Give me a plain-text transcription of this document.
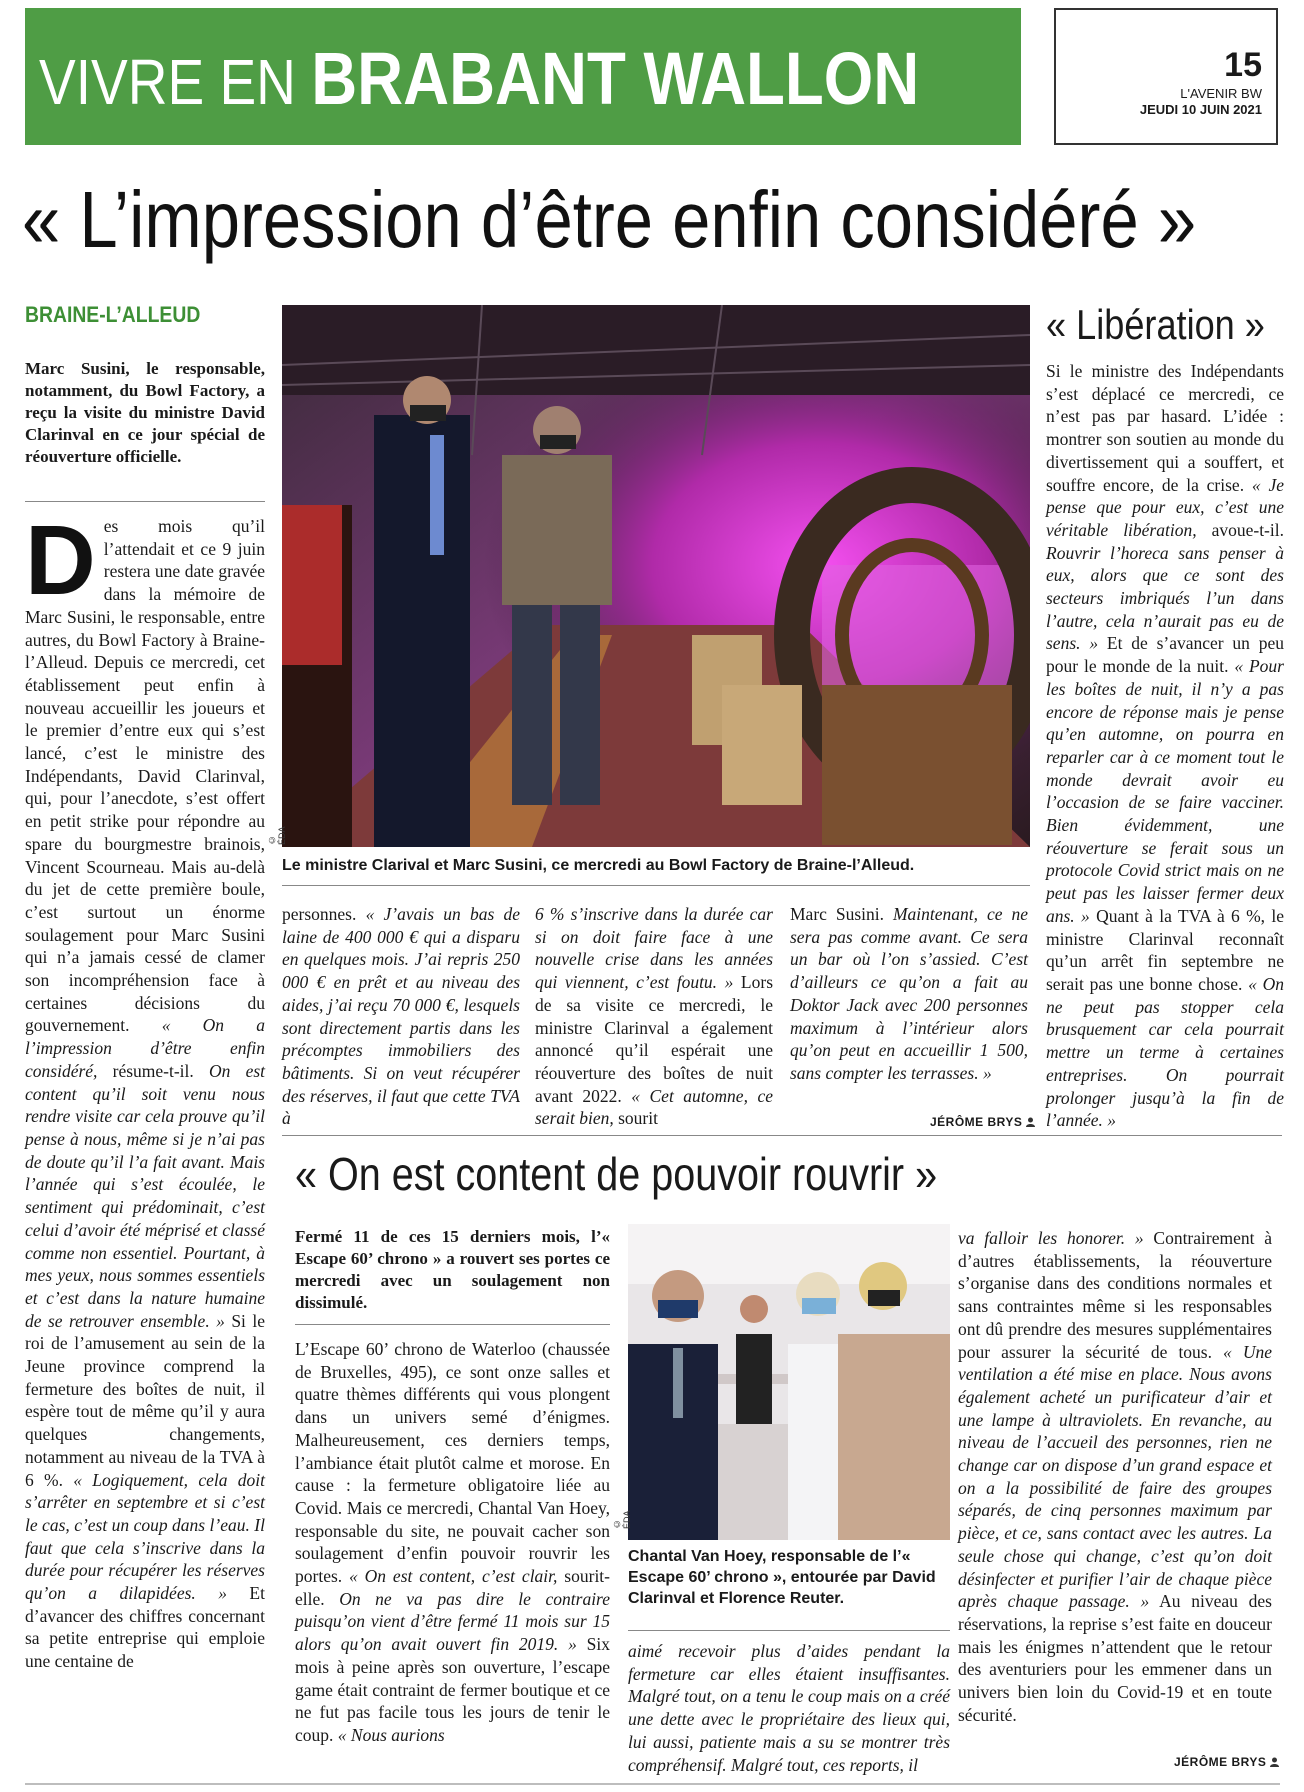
VIVRE EN BRABANT WALLON	15
L'AVENIR BW
JEUDI 10 JUIN 2021
« L’impression d’être enfin considéré »
BRAINE-L’ALLEUD
Marc Susini, le responsable, notamment, du Bowl Factory, a reçu la visite du ministre David Clarinval en ce jour spécial de réouverture officielle.
Des mois qu’il l’attendait et ce 9 juin restera une date gravée dans la mémoire de Marc Susini, le responsable, entre autres, du Bowl Factory à Braine-l’Alleud. Depuis ce mercredi, cet établissement peut enfin à nouveau accueillir les joueurs et le premier d’entre eux qui s’est lancé, c’est le ministre des Indépendants, David Clarinval, qui, pour l’anecdote, s’est offert en petit strike pour répondre au spare du bourgmestre brainois, Vincent Scourneau. Mais au-delà du jet de cette première boule, c’est surtout un énorme soulagement pour Marc Susini qui n’a jamais cessé de clamer son incompréhension face à certaines décisions du gouvernement. « On a l’impression d’être enfin considéré, résume-t-il. On est content qu’il soit venu nous rendre visite car cela prouve qu’il pense à nous, même si je n’ai pas de doute qu’il l’a fait avant. Mais l’année qui s’est écoulée, le sentiment qui prédominait, c’est celui d’avoir été méprisé et classé comme non essentiel. Pourtant, à mes yeux, nous sommes essentiels et c’est dans la nature humaine de se retrouver ensemble. » Si le roi de l’amusement au sein de la Jeune province comprend la fermeture des boîtes de nuit, il espère tout de même qu’il y aura quelques changements, notamment au niveau de la TVA à 6 %. « Logiquement, cela doit s’arrêter en septembre et si c’est le cas, c’est un coup dans l’eau. Il faut que cela s’inscrive dans la durée pour récupérer les réserves qu’on a dilapidées. » Et d’avancer des chiffres concernant sa petite entreprise qui emploie une centaine de
© ÉDA
Le ministre Clarival et Marc Susini, ce mercredi au Bowl Factory de Braine-l’Alleud.
personnes. « J’avais un bas de laine de 400 000 € qui a disparu en quelques mois. J’ai repris 250 000 € en prêt et au niveau des aides, j’ai reçu 70 000 €, lesquels sont directement partis dans les précomptes immobiliers des bâtiments. Si on veut récupérer des réserves, il faut que cette TVA à
6 % s’inscrive dans la durée car si on doit faire face à une nouvelle crise dans les années qui viennent, c’est foutu. » Lors de sa visite ce mercredi, le ministre Clarinval a également annoncé qu’il espérait une réouverture des boîtes de nuit avant 2022. « Cet automne, ce serait bien, sourit
Marc Susini. Maintenant, ce ne sera pas comme avant. Ce sera un bar où l’on s’assied. C’est d’ailleurs ce qu’on a fait au Doktor Jack avec 200 personnes maximum à l’intérieur alors qu’on peut en accueillir 1 500, sans compter les terrasses. »
JÉRÔME BRYS
« Libération »
Si le ministre des Indépendants s’est déplacé ce mercredi, ce n’est pas par hasard. L’idée : montrer son soutien au monde du divertissement qui a souffert, et souffre encore, de la crise. « Je pense que pour eux, c’est une véritable libération, avoue-t-il. Rouvrir l’horeca sans penser à eux, alors que ce sont des secteurs imbriqués l’un dans l’autre, cela n’aurait pas eu de sens. » Et de s’avancer un peu pour le monde de la nuit. « Pour les boîtes de nuit, il n’y a pas encore de réponse mais je pense qu’en automne, on pourra en reparler car à ce moment tout le monde devrait avoir eu l’occasion de se faire vacciner. Bien évidemment, une réouverture se ferait sous un protocole Covid strict mais on ne peut pas les laisser fermer deux ans. » Quant à la TVA à 6 %, le ministre Clarinval reconnaît qu’un arrêt fin septembre ne serait pas une bonne chose. « On ne peut pas stopper cela brusquement car cela pourrait mettre un terme à certaines entreprises. On pourrait prolonger jusqu’à la fin de l’année. »
« On est content de pouvoir rouvrir »
Fermé 11 de ces 15 derniers mois, l’« Escape 60’ chrono » a rouvert ses portes ce mercredi avec un soulagement non dissimulé.
L’Escape 60’ chrono de Waterloo (chaussée de Bruxelles, 495), ce sont onze salles et quatre thèmes différents qui vous plongent dans un univers semé d’énigmes. Malheureusement, ces derniers temps, l’ambiance était plutôt calme et morose. En cause : la fermeture obligatoire liée au Covid. Mais ce mercredi, Chantal Van Hoey, responsable du site, ne pouvait cacher son soulagement d’enfin pouvoir rouvrir les portes. « On est content, c’est clair, sourit-elle. On ne va pas dire le contraire puisqu’on vient d’être fermé 11 mois sur 15 alors qu’on avait ouvert fin 2019. » Six mois à peine après son ouverture, l’escape game était contraint de fermer boutique et ce ne fut pas facile tous les jours de tenir le coup. « Nous aurions
© ÉDA
Chantal Van Hoey, responsable de l’« Escape 60’ chrono », entourée par David Clarinval et Florence Reuter.
aimé recevoir plus d’aides pendant la fermeture car elles étaient insuffisantes. Malgré tout, on a tenu le coup mais on a créé une dette avec le propriétaire des lieux qui, lui aussi, patiente mais a su se montrer très compréhensif. Malgré tout, ces reports, il
va falloir les honorer. » Contrairement à d’autres établissements, la réouverture s’organise dans des conditions normales et sans contraintes même si les responsables ont dû prendre des mesures supplémentaires pour assurer la sécurité de tous. « Une ventilation a été mise en place. Nous avons également acheté un purificateur d’air et une lampe à ultraviolets. En revanche, au niveau de l’accueil des personnes, rien ne change car on dispose d’un grand espace et on a la possibilité de faire des groupes séparés, de cinq personnes maximum par pièce, et ce, sans contact avec les autres. La seule chose qui change, c’est qu’on doit désinfecter et purifier l’air de chaque pièce après chaque passage. » Au niveau des réservations, la reprise s’est faite en douceur mais les énigmes n’attendent que le retour des aventuriers pour les emmener dans un univers bien loin du Covid-19 et en toute sécurité.
JÉRÔME BRYS
